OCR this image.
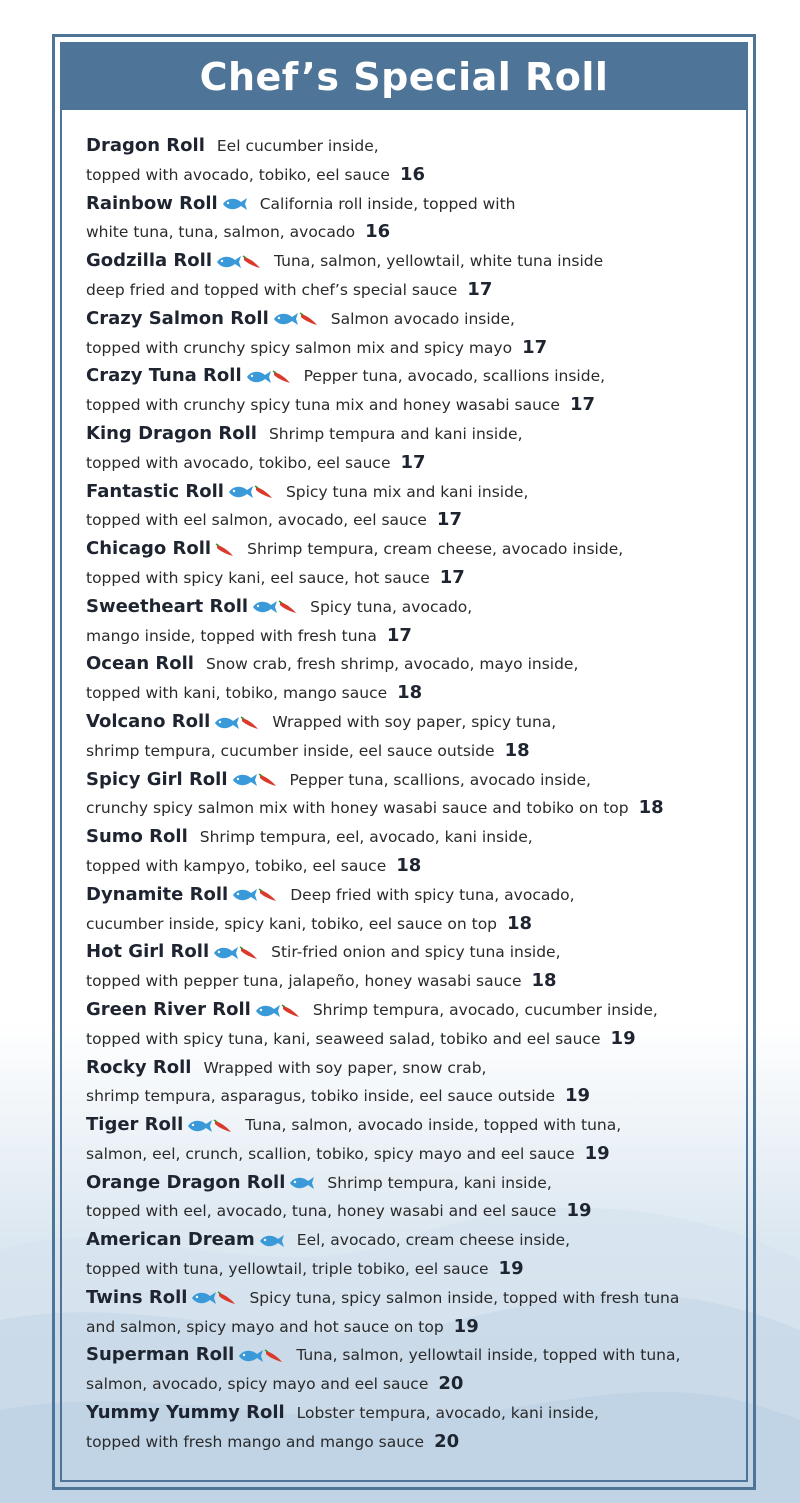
Chef’s Special Roll
Dragon Roll Eel cucumber inside,
topped with avocado, tobiko, eel sauce 16
Rainbow Roll	California roll inside, topped with
white tuna, tuna, salmon, avocado 16
Godzilla Roll	Tuna, salmon, yellowtail, white tuna inside
deep fried and topped with chef’s special sauce 17
Crazy Salmon Roll	Salmon avocado inside,
topped with crunchy spicy salmon mix and spicy mayo 17
Crazy Tuna Roll	Pepper tuna, avocado, scallions inside,
topped with crunchy spicy tuna mix and honey wasabi sauce 17
King Dragon Roll Shrimp tempura and kani inside,
topped with avocado, tokibo, eel sauce 17
Fantastic Roll	Spicy tuna mix and kani inside,
topped with eel salmon, avocado, eel sauce 17
Chicago Roll Shrimp tempura, cream cheese, avocado inside,
topped with spicy kani, eel sauce, hot sauce 17
Sweetheart Roll	Spicy tuna, avocado,
mango inside, topped with fresh tuna 17
Ocean Roll Snow crab, fresh shrimp, avocado, mayo inside,
topped with kani, tobiko, mango sauce 18
Volcano Roll	Wrapped with soy paper, spicy tuna,
shrimp tempura, cucumber inside, eel sauce outside 18
Spicy Girl Roll	Pepper tuna, scallions, avocado inside,
crunchy spicy salmon mix with honey wasabi sauce and tobiko on top 18
Sumo Roll Shrimp tempura, eel, avocado, kani inside,
topped with kampyo, tobiko, eel sauce 18
Dynamite Roll	Deep fried with spicy tuna, avocado,
cucumber inside, spicy kani, tobiko, eel sauce on top 18
Hot Girl Roll	Stir-fried onion and spicy tuna inside,
topped with pepper tuna, jalapeño, honey wasabi sauce 18
Green River Roll	Shrimp tempura, avocado, cucumber inside,
topped with spicy tuna, kani, seaweed salad, tobiko and eel sauce 19
Rocky Roll Wrapped with soy paper, snow crab,
shrimp tempura, asparagus, tobiko inside, eel sauce outside 19
Tiger Roll	Tuna, salmon, avocado inside, topped with tuna,
salmon, eel, crunch, scallion, tobiko, spicy mayo and eel sauce 19
Orange Dragon Roll	Shrimp tempura, kani inside,
topped with eel, avocado, tuna, honey wasabi and eel sauce 19
American Dream	Eel, avocado, cream cheese inside,
topped with tuna, yellowtail, triple tobiko, eel sauce 19
Twins Roll	Spicy tuna, spicy salmon inside, topped with fresh tuna
and salmon, spicy mayo and hot sauce on top 19
Superman Roll	Tuna, salmon, yellowtail inside, topped with tuna,
salmon, avocado, spicy mayo and eel sauce 20
Yummy Yummy Roll Lobster tempura, avocado, kani inside,
topped with fresh mango and mango sauce 20
